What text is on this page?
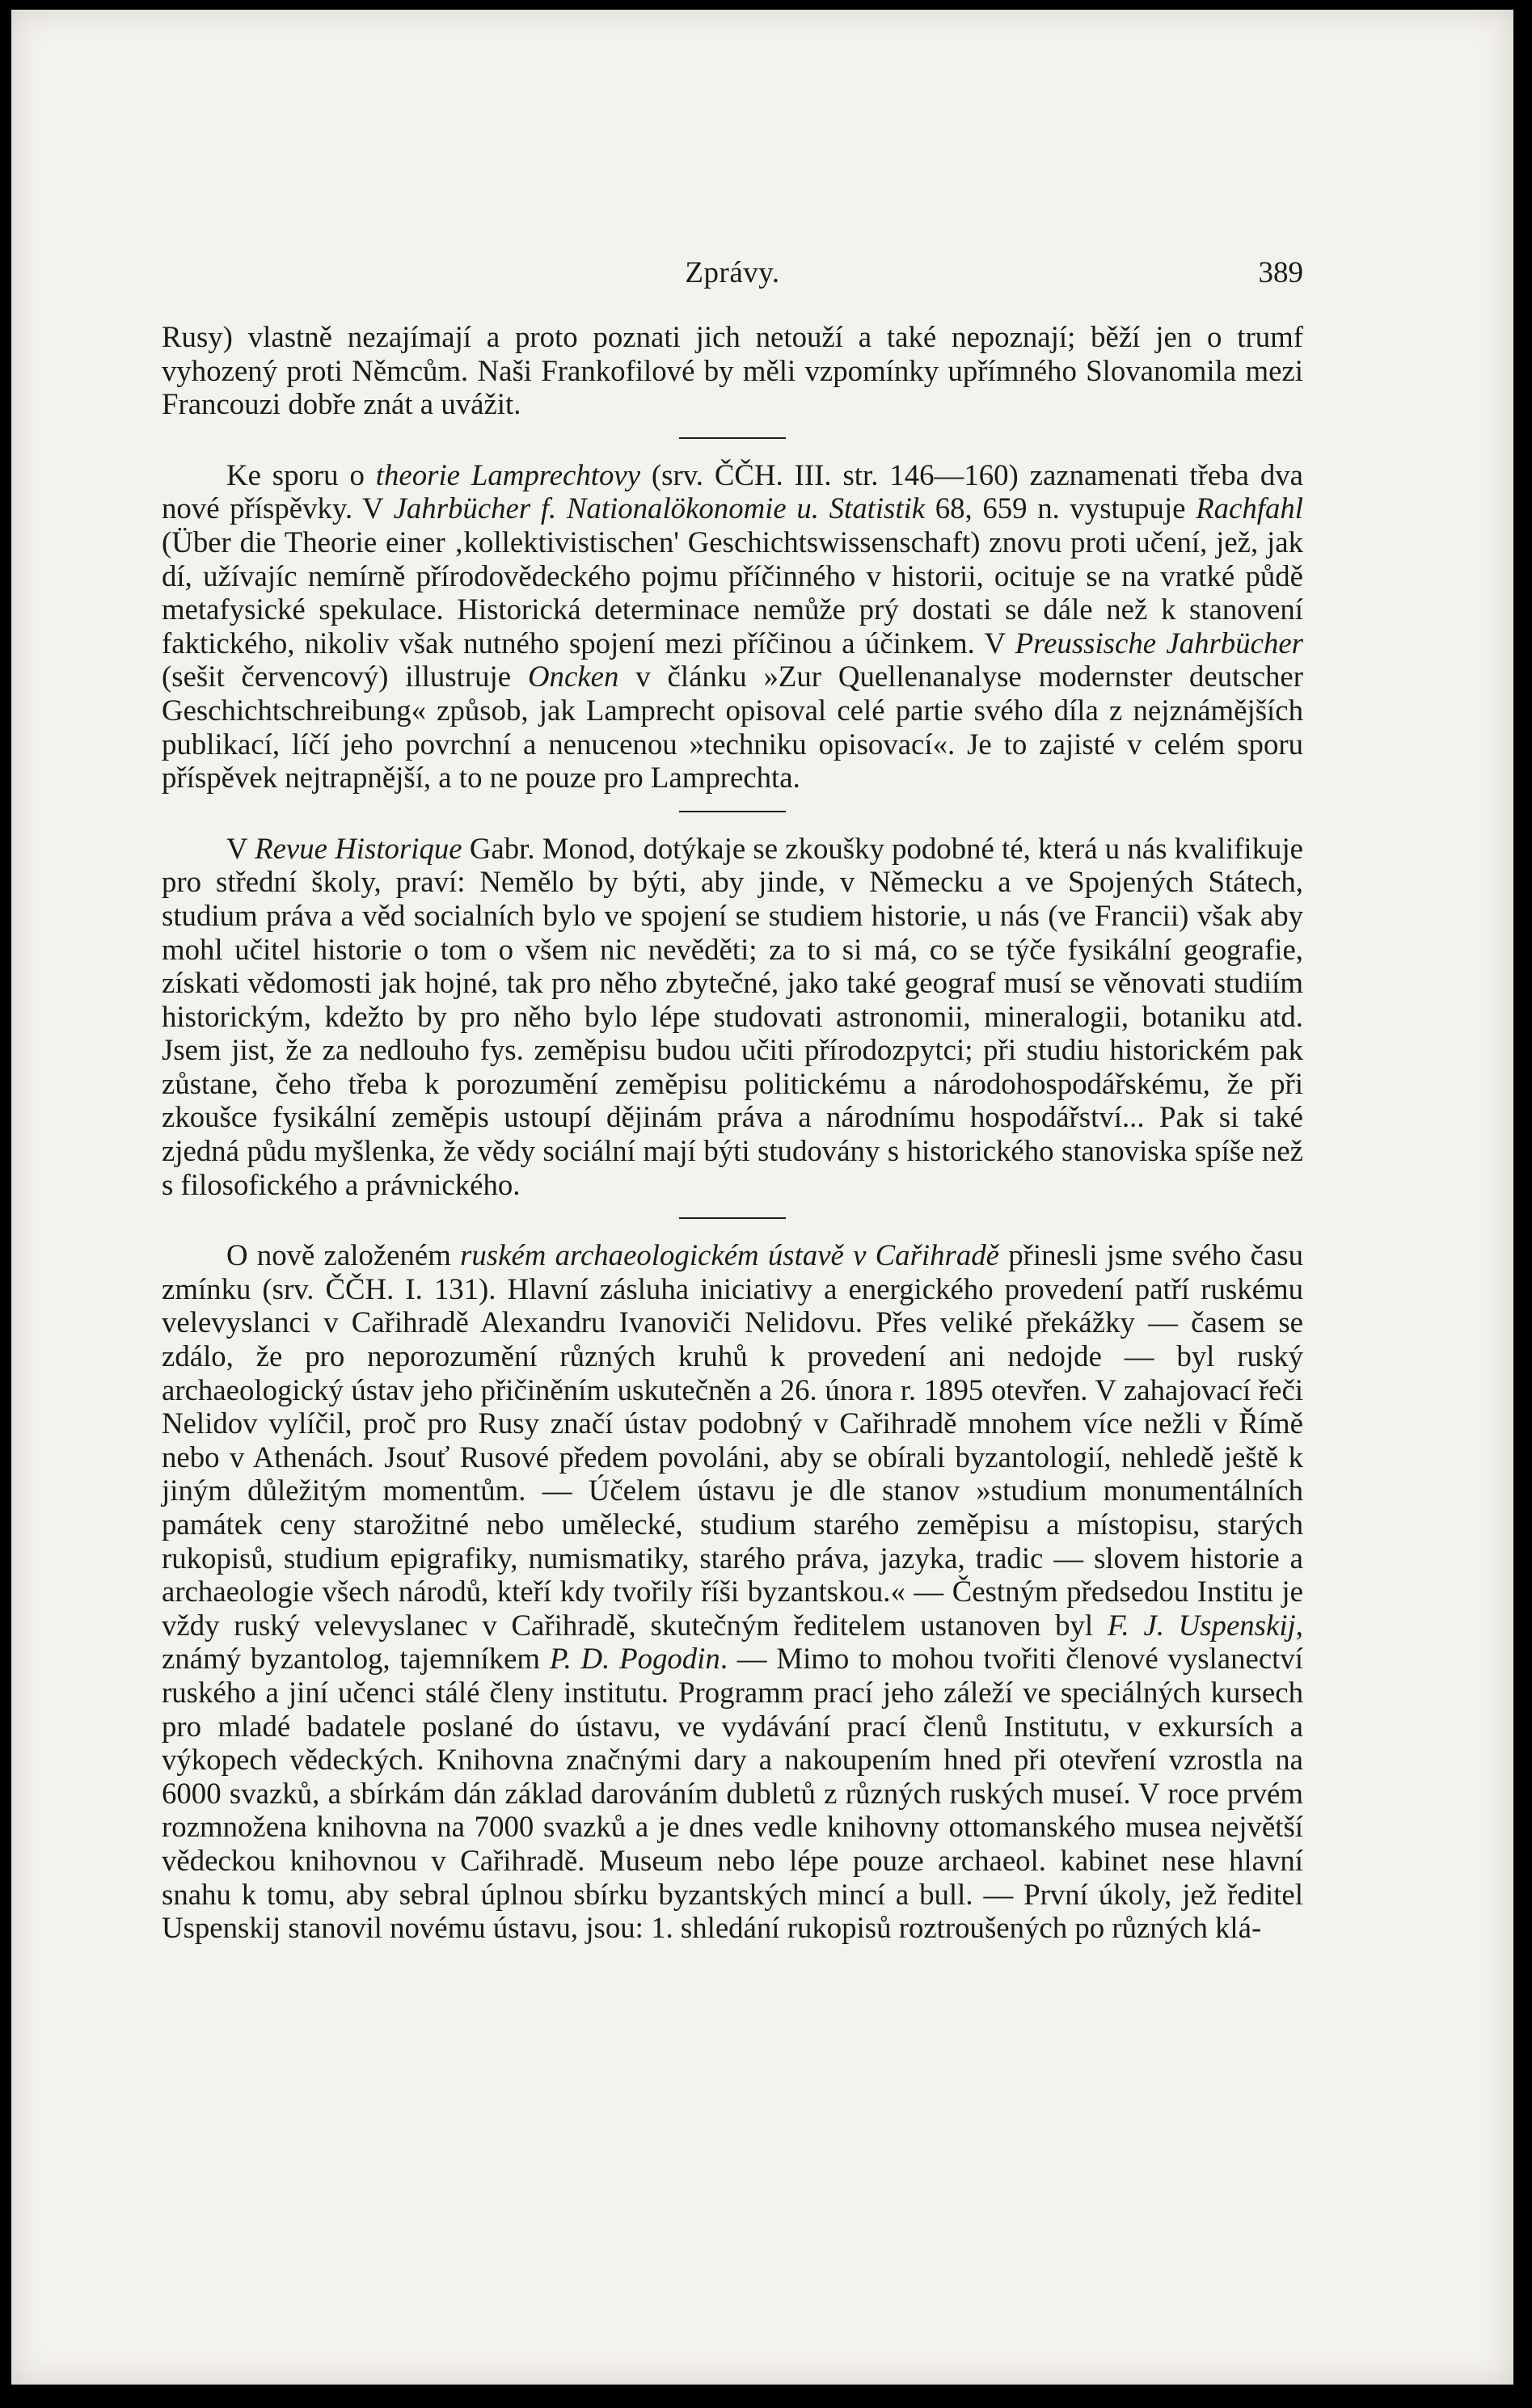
Zprávy.	389

Rusy) vlastně nezajímají a proto poznati jich netouží a také nepoznají; běží jen o trumf vyhozený proti Němcům. Naši Frankofilové by měli vzpomínky upřímného Slovanomila mezi Francouzi dobře znát a uvážit.

Ke sporu o theorie Lamprechtovy (srv. ČČH. III. str. 146—160) zaznamenati třeba dva nové příspěvky. V Jahrbücher f. Nationalökonomie u. Statistik 68, 659 n. vystupuje Rachfahl (Über die Theorie einer ‚kollektivistischen' Geschichtswissenschaft) znovu proti učení, jež, jak dí, užívajíc nemírně přírodovědeckého pojmu příčinného v historii, ocituje se na vratké půdě metafysické spekulace. Historická determinace nemůže prý dostati se dále než k stanovení faktického, nikoliv však nutného spojení mezi příčinou a účinkem. V Preussische Jahrbücher (sešit červencový) illustruje Oncken v článku »Zur Quellenanalyse modernster deutscher Geschichtschreibung« způsob, jak Lamprecht opisoval celé partie svého díla z nejznámějších publikací, líčí jeho povrchní a nenucenou »techniku opisovací«. Je to zajisté v celém sporu příspěvek nejtrapnější, a to ne pouze pro Lamprechta.

V Revue Historique Gabr. Monod, dotýkaje se zkoušky podobné té, která u nás kvalifikuje pro střední školy, praví: Nemělo by býti, aby jinde, v Německu a ve Spojených Státech, studium práva a věd socialních bylo ve spojení se studiem historie, u nás (ve Francii) však aby mohl učitel historie o tom o všem nic nevěděti; za to si má, co se týče fysikální geografie, získati vědomosti jak hojné, tak pro něho zbytečné, jako také geograf musí se věnovati studiím historickým, kdežto by pro něho bylo lépe studovati astronomii, mineralogii, botaniku atd. Jsem jist, že za nedlouho fys. zeměpisu budou učiti přírodozpytci; při studiu historickém pak zůstane, čeho třeba k porozumění zeměpisu politickému a národohospodářskému, že při zkoušce fysikální zeměpis ustoupí dějinám práva a národnímu hospodářství... Pak si také zjedná půdu myšlenka, že vědy sociální mají býti studovány s historického stanoviska spíše než s filosofického a právnického.

O nově založeném ruském archaeologickém ústavě v Cařihradě přinesli jsme svého času zmínku (srv. ČČH. I. 131). Hlavní zásluha iniciativy a energického provedení patří ruskému velevyslanci v Cařihradě Alexandru Ivanoviči Nelidovu. Přes veliké překážky — časem se zdálo, že pro neporozumění různých kruhů k provedení ani nedojde — byl ruský archaeologický ústav jeho přičiněním uskutečněn a 26. února r. 1895 otevřen. V zahajovací řeči Nelidov vylíčil, proč pro Rusy značí ústav podobný v Cařihradě mnohem více nežli v Římě nebo v Athenách. Jsouť Rusové předem povoláni, aby se obírali byzantologií, nehledě ještě k jiným důležitým momentům. — Účelem ústavu je dle stanov »studium monumentálních památek ceny starožitné nebo umělecké, studium starého zeměpisu a místopisu, starých rukopisů, studium epigrafiky, numismatiky, starého práva, jazyka, tradic — slovem historie a archaeologie všech národů, kteří kdy tvořily říši byzantskou.« — Čestným předsedou Institu je vždy ruský velevyslanec v Cařihradě, skutečným ředitelem ustanoven byl F. J. Uspenskij, známý byzantolog, tajemníkem P. D. Pogodin. — Mimo to mohou tvořiti členové vyslanectví ruského a jiní učenci stálé členy institutu. Programm prací jeho záleží ve speciálných kursech pro mladé badatele poslané do ústavu, ve vydávání prací členů Institutu, v exkursích a výkopech vědeckých. Knihovna značnými dary a nakoupením hned při otevření vzrostla na 6000 svazků, a sbírkám dán základ darováním dubletů z různých ruských museí. V roce prvém rozmnožena knihovna na 7000 svazků a je dnes vedle knihovny ottomanského musea největší vědeckou knihovnou v Cařihradě. Museum nebo lépe pouze archaeol. kabinet nese hlavní snahu k tomu, aby sebral úplnou sbírku byzantských mincí a bull. — První úkoly, jež ředitel Uspenskij stanovil novému ústavu, jsou: 1. shledání rukopisů roztroušených po různých klá-
